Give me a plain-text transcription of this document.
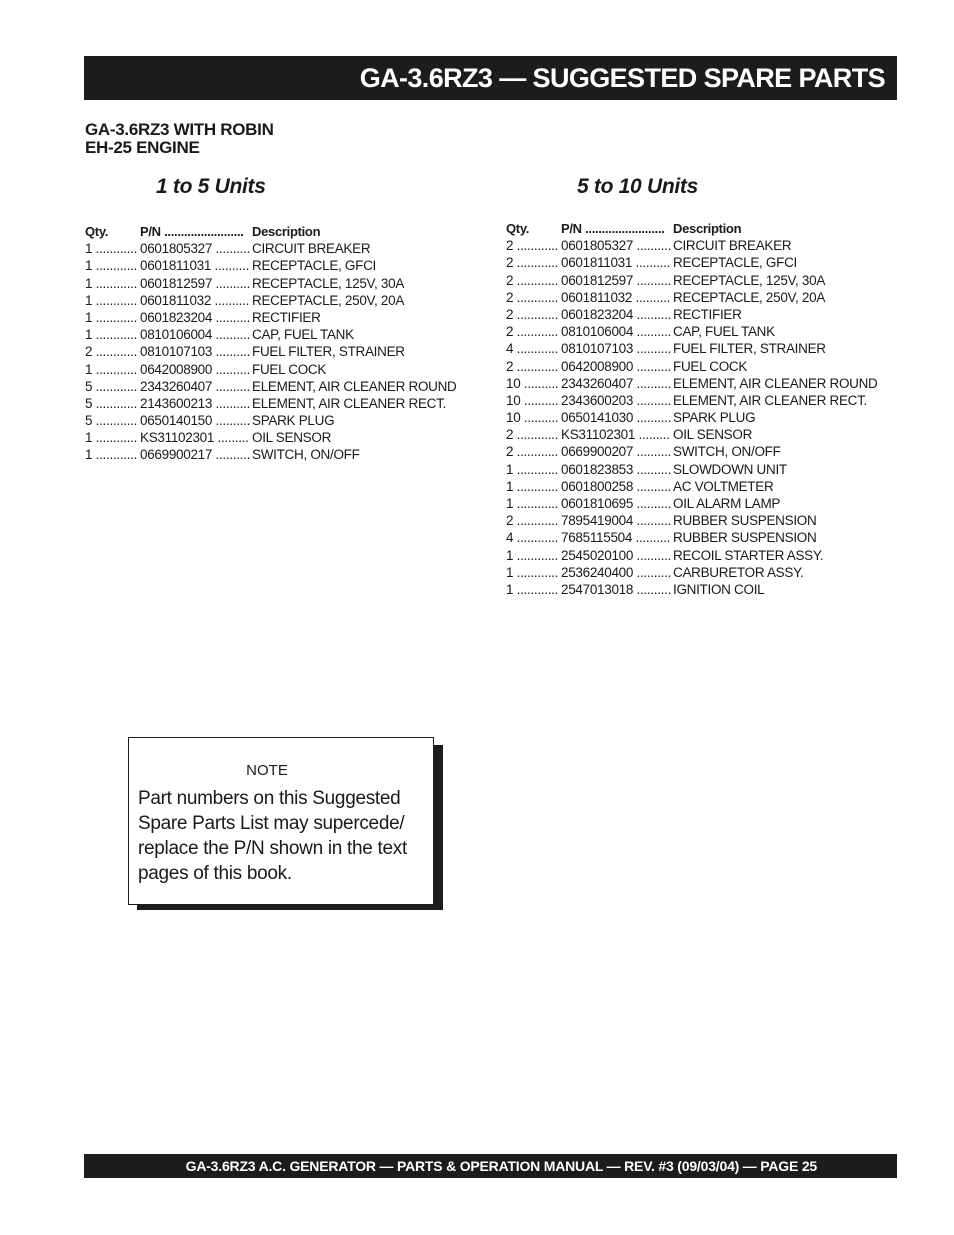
GA-3.6RZ3 — SUGGESTED SPARE PARTS
GA-3.6RZ3 WITH ROBIN
EH-25 ENGINE
1 to 5 Units	5 to 10 Units
Qty. P/N ........................ Description
1 ............ 0601805327 .......... CIRCUIT BREAKER
1 ............ 0601811031 .......... RECEPTACLE, GFCI
1 ............ 0601812597 .......... RECEPTACLE, 125V, 30A
1 ............ 0601811032 .......... RECEPTACLE, 250V, 20A
1 ............ 0601823204 .......... RECTIFIER
1 ............ 0810106004 .......... CAP, FUEL TANK
2 ............ 0810107103 .......... FUEL FILTER, STRAINER
1 ............ 0642008900 .......... FUEL COCK
5 ............ 2343260407 .......... ELEMENT, AIR CLEANER ROUND
5 ............ 2143600213 .......... ELEMENT, AIR CLEANER RECT.
5 ............ 0650140150 .......... SPARK PLUG
1 ............ KS31102301 ......... OIL SENSOR
1 ............ 0669900217 .......... SWITCH, ON/OFF
Qty. P/N ........................ Description
2 ............ 0601805327 .......... CIRCUIT BREAKER
2 ............ 0601811031 .......... RECEPTACLE, GFCI
2 ............ 0601812597 .......... RECEPTACLE, 125V, 30A
2 ............ 0601811032 .......... RECEPTACLE, 250V, 20A
2 ............ 0601823204 .......... RECTIFIER
2 ............ 0810106004 .......... CAP, FUEL TANK
4 ............ 0810107103 .......... FUEL FILTER, STRAINER
2 ............ 0642008900 .......... FUEL COCK
10 .......... 2343260407 .......... ELEMENT, AIR CLEANER ROUND
10 .......... 2343600203 .......... ELEMENT, AIR CLEANER RECT.
10 .......... 0650141030 .......... SPARK PLUG
2 ............ KS31102301 ......... OIL SENSOR
2 ............ 0669900207 .......... SWITCH, ON/OFF
1 ............ 0601823853 .......... SLOWDOWN UNIT
1 ............ 0601800258 .......... AC VOLTMETER
1 ............ 0601810695 .......... OIL ALARM LAMP
2 ............ 7895419004 .......... RUBBER SUSPENSION
4 ............ 7685115504 .......... RUBBER SUSPENSION
1 ............ 2545020100 .......... RECOIL STARTER ASSY.
1 ............ 2536240400 .......... CARBURETOR ASSY.
1 ............ 2547013018 .......... IGNITION COIL
NOTE
Part numbers on this Suggested Spare Parts List may supercede/ replace the P/N shown in the text pages of this book.
GA-3.6RZ3 A.C. GENERATOR — PARTS & OPERATION MANUAL — REV. #3 (09/03/04) — PAGE 25
